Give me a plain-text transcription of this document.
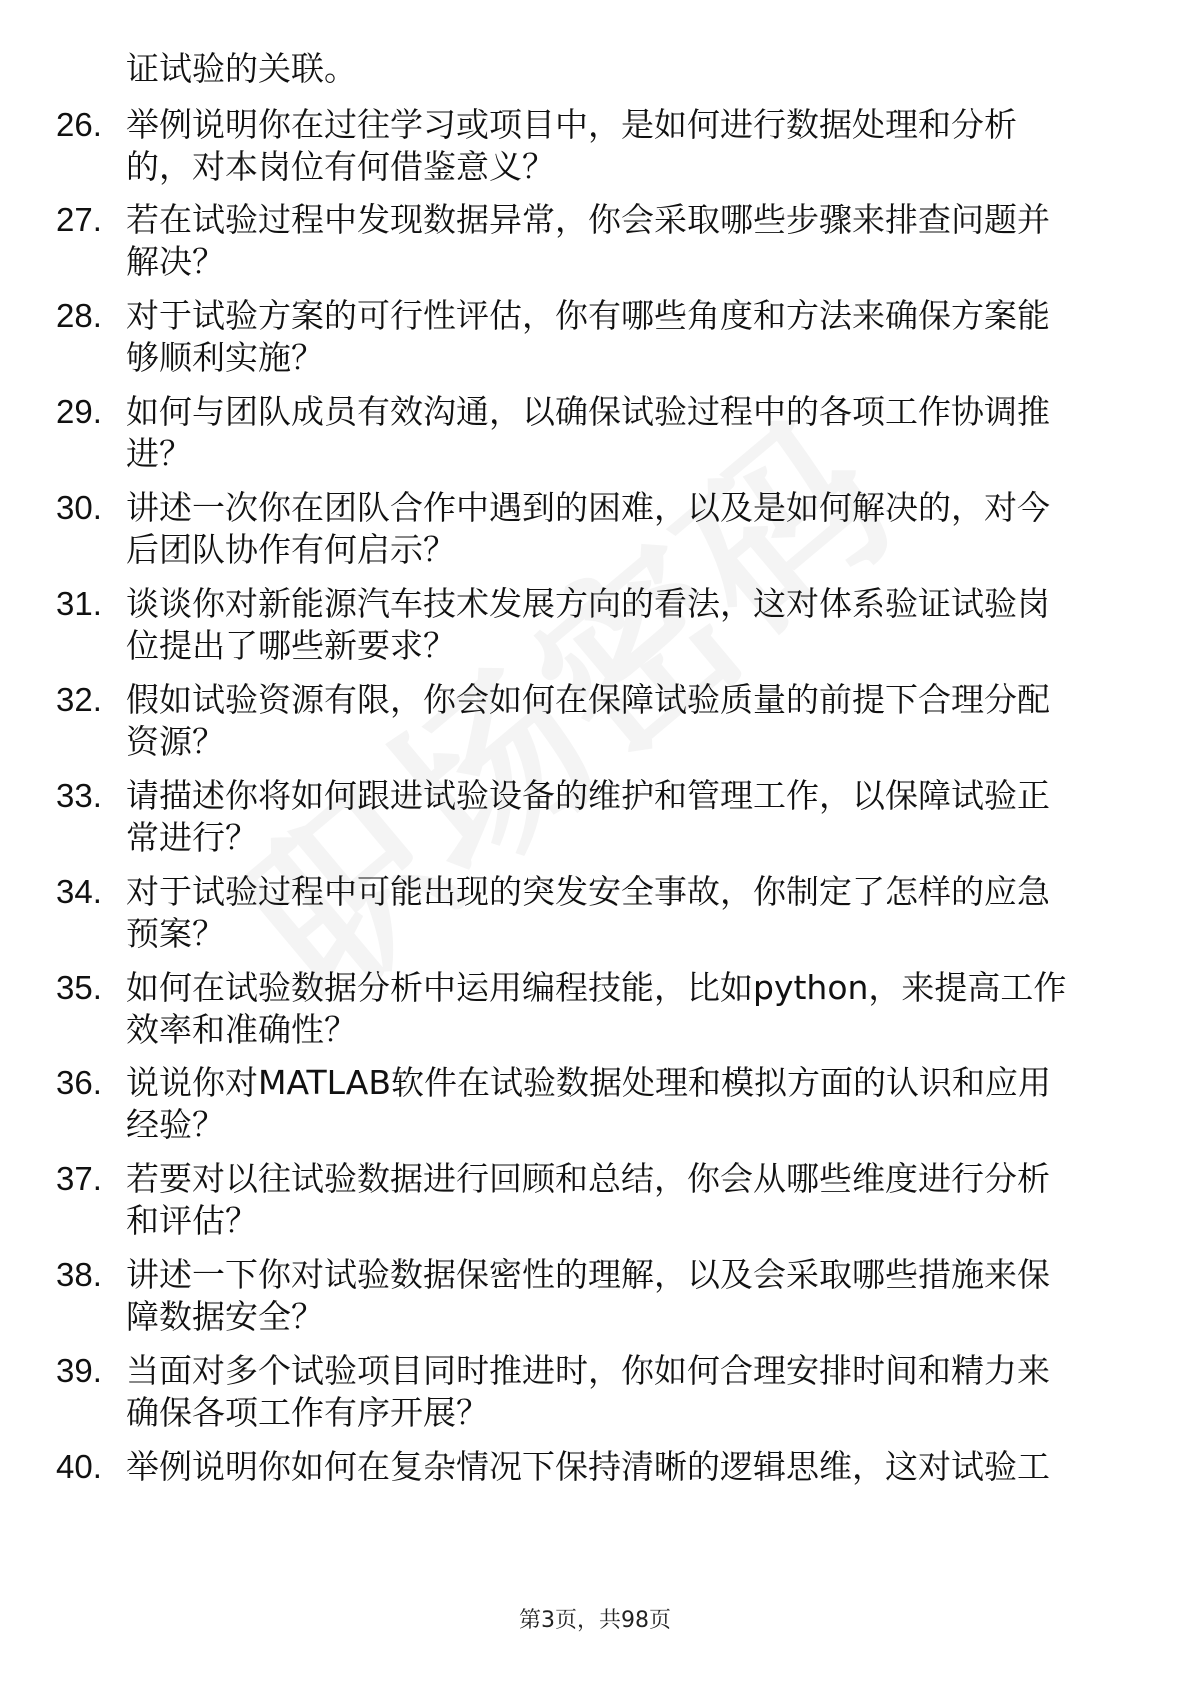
证试验的关联。
26. 举例说明你在过往学习或项目中，是如何进行数据处理和分析
的，对本岗位有何借鉴意义？
27. 若在试验过程中发现数据异常，你会采取哪些步骤来排查问题并
解决？
28. 对于试验方案的可行性评估，你有哪些角度和方法来确保方案能
够顺利实施？
29. 如何与团队成员有效沟通，以确保试验过程中的各项工作协调推
进？
30. 讲述一次你在团队合作中遇到的困难，以及是如何解决的，对今
后团队协作有何启示？
31. 谈谈你对新能源汽车技术发展方向的看法，这对体系验证试验岗
位提出了哪些新要求？
32. 假如试验资源有限，你会如何在保障试验质量的前提下合理分配
资源？
33. 请描述你将如何跟进试验设备的维护和管理工作，以保障试验正
常进行？
34. 对于试验过程中可能出现的突发安全事故，你制定了怎样的应急
预案？
35. 如何在试验数据分析中运用编程技能，比如python，来提高工作
效率和准确性？
36. 说说你对MATLAB软件在试验数据处理和模拟方面的认识和应用
经验？
37. 若要对以往试验数据进行回顾和总结，你会从哪些维度进行分析
和评估？
38. 讲述一下你对试验数据保密性的理解，以及会采取哪些措施来保
障数据安全？
39. 当面对多个试验项目同时推进时，你如何合理安排时间和精力来
确保各项工作有序开展？
40. 举例说明你如何在复杂情况下保持清晰的逻辑思维，这对试验工
第3页，共98页
